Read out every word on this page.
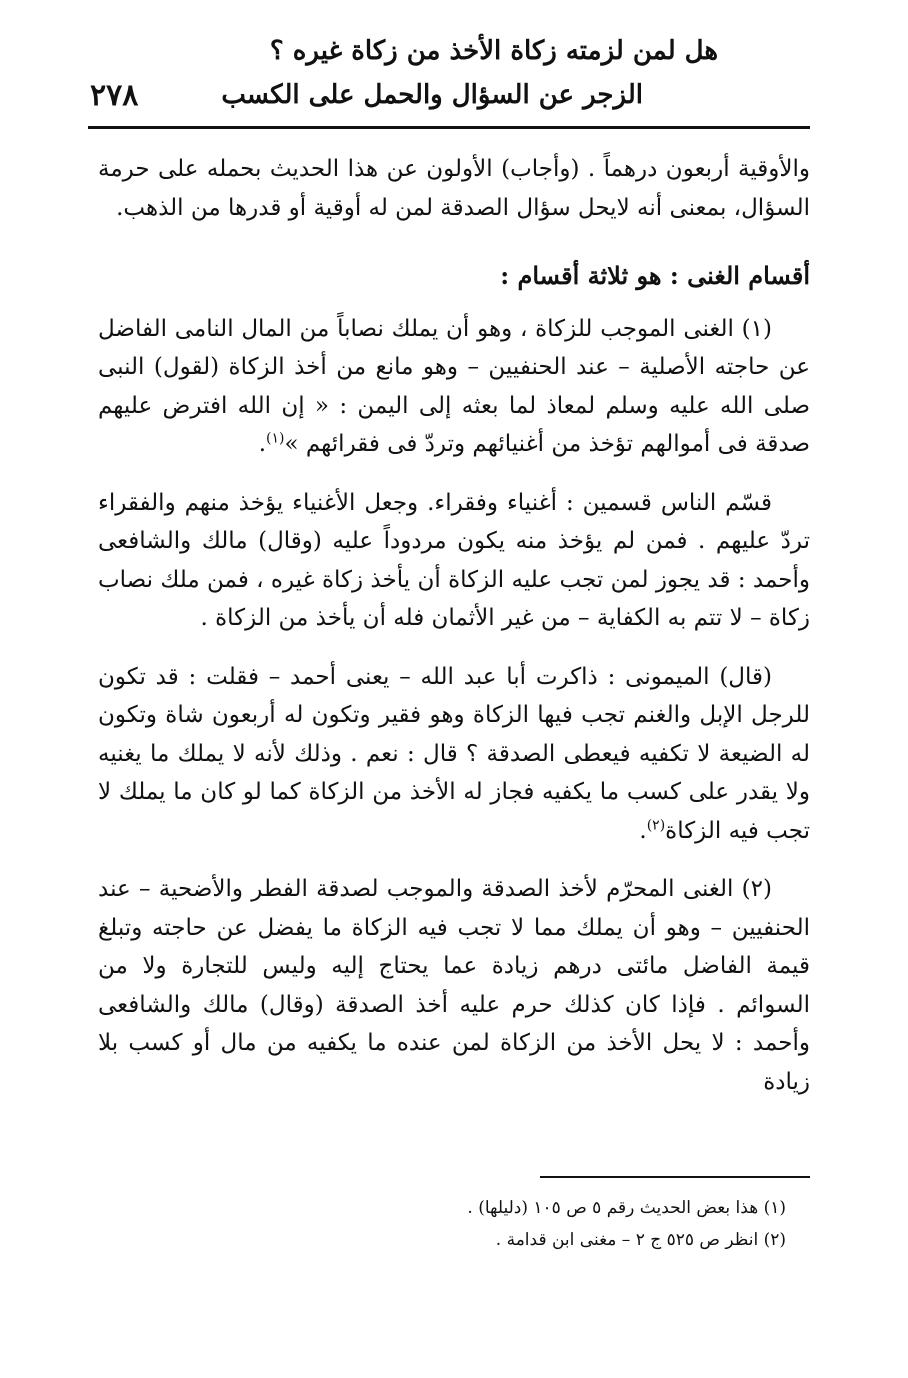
هل لمن لزمته زكاة الأخذ من زكاة غيره ؟
الزجر عن السؤال والحمل على الكسب
٢٧٨

والأوقية أربعون درهماً . (وأجاب) الأولون عن هذا الحديث بحمله على حرمة السؤال، بمعنى أنه لايحل سؤال الصدقة لمن له أوقية أو قدرها من الذهب.

أقسام الغنى : هو ثلاثة أقسام :

(١) الغنى الموجب للزكاة ، وهو أن يملك نصاباً من المال النامى الفاضل عن حاجته الأصلية – عند الحنفيين – وهو مانع من أخذ الزكاة (لقول) النبى صلى الله عليه وسلم لمعاذ لما بعثه إلى اليمن : « إن الله افترض عليهم صدقة فى أموالهم تؤخذ من أغنيائهم وتردّ فى فقرائهم »$^{(١)}$.

قسّم الناس قسمين : أغنياء وفقراء. وجعل الأغنياء يؤخذ منهم والفقراء تردّ عليهم . فمن لم يؤخذ منه يكون مردوداً عليه (وقال) مالك والشافعى وأحمد : قد يجوز لمن تجب عليه الزكاة أن يأخذ زكاة غيره ، فمن ملك نصاب زكاة – لا تتم به الكفاية – من غير الأثمان فله أن يأخذ من الزكاة .

(قال) الميمونى : ذاكرت أبا عبد الله – يعنى أحمد – فقلت : قد تكون للرجل الإبل والغنم تجب فيها الزكاة وهو فقير وتكون له أربعون شاة وتكون له الضيعة لا تكفيه فيعطى الصدقة ؟ قال : نعم . وذلك لأنه لا يملك ما يغنيه ولا يقدر على كسب ما يكفيه فجاز له الأخذ من الزكاة كما لو كان ما يملك لا تجب فيه الزكاة$^{(٢)}$.

(٢) الغنى المحرّم لأخذ الصدقة والموجب لصدقة الفطر والأضحية – عند الحنفيين – وهو أن يملك مما لا تجب فيه الزكاة ما يفضل عن حاجته وتبلغ قيمة الفاضل مائتى درهم زيادة عما يحتاج إليه وليس للتجارة ولا من السوائم . فإذا كان كذلك حرم عليه أخذ الصدقة (وقال) مالك والشافعى وأحمد : لا يحل الأخذ من الزكاة لمن عنده ما يكفيه من مال أو كسب بلا زيادة

(١) هذا بعض الحديث رقم ٥ ص ١٠٥ (دليلها) .
(٢) انظر ص ٥٢٥ ج ٢ – مغنى ابن قدامة .
